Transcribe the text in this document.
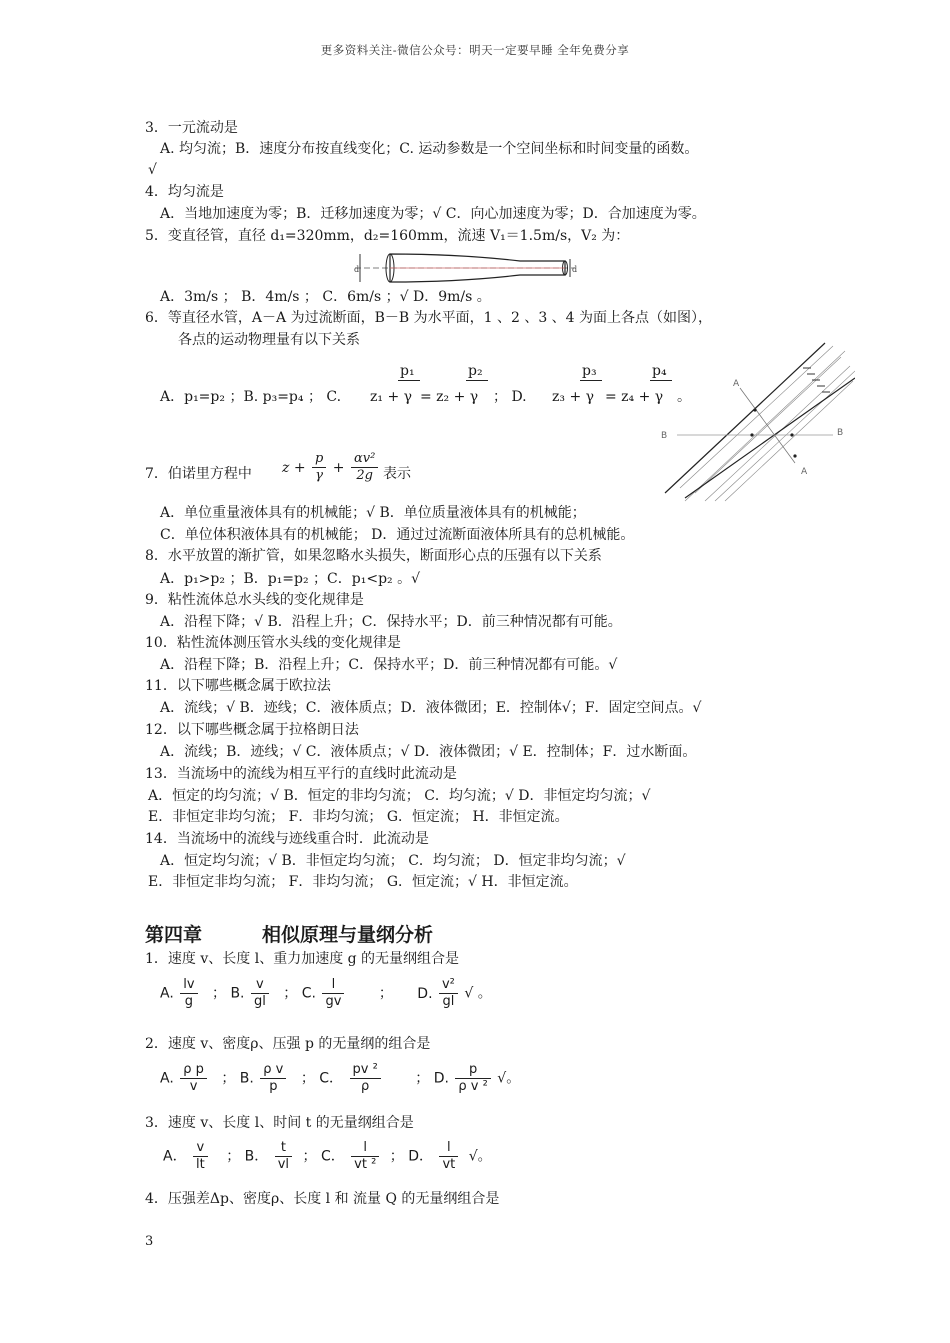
更多资料关注-微信公众号：明天一定要早睡 全年免费分享
3．一元流动是
A. 均匀流；B．速度分布按直线变化；C. 运动参数是一个空间坐标和时间变量的函数。
√
4．均匀流是
A．当地加速度为零；B．迁移加速度为零；√ C．向心加速度为零；D．合加速度为零。
5．变直径管，直径 d₁=320mm，d₂=160mm，流速 V₁＝1.5m/s，V₂ 为：
d	d
A．3m/s ； B．4m/s ； C．6m/s ；√ D．9m/s 。
6．等直径水管，A－A 为过流断面，B－B 为水平面，1 、2 、3 、4 为面上各点（如图），
各点的运动物理量有以下关系
A．p₁=p₂ ；B. p₃=p₄ ； C. z₁ + γ = z₂ + γ
p₁	p₂
； D. z₃ + γ = z₄ + γ
p₃	p₄
。
A
A
B	B
7．伯诺里方程中 $z + \frac{p}{\gamma} + \frac{\text{αv²}}{2g}$ 表示
A．单位重量液体具有的机械能；√ B．单位质量液体具有的机械能；
C．单位体积液体具有的机械能； D．通过过流断面液体所具有的总机械能。
8．水平放置的渐扩管，如果忽略水头损失，断面形心点的压强有以下关系
A．p₁>p₂ ；B．p₁=p₂ ；C．p₁<p₂ 。√
9．粘性流体总水头线的变化规律是
A．沿程下降；√ B．沿程上升；C．保持水平；D．前三种情况都有可能。
10．粘性流体测压管水头线的变化规律是
A．沿程下降；B．沿程上升；C．保持水平；D．前三种情况都有可能。√
11．以下哪些概念属于欧拉法
A．流线；√ B．迹线；C．液体质点；D．液体微团；E．控制体√；F．固定空间点。√
12．以下哪些概念属于拉格朗日法
A．流线；B．迹线；√ C．液体质点；√ D．液体微团；√ E．控制体；F．过水断面。
13．当流场中的流线为相互平行的直线时此流动是
A．恒定的均匀流；√ B．恒定的非均匀流； C．均匀流；√ D．非恒定均匀流；√
E．非恒定非均匀流； F．非均匀流； G．恒定流； H．非恒定流。
14．当流场中的流线与迹线重合时．此流动是
A．恒定均匀流；√ B．非恒定均匀流； C．均匀流； D．恒定非均匀流；√
E．非恒定非均匀流； F．非均匀流； G．恒定流；√ H．非恒定流。
第四章	相似原理与量纲分析
1．速度 v、长度 l、重力加速度 g 的无量纲组合是
A. $\frac{lv}{g}$ ； B. $\frac{v}{gl}$ ； C. $\frac{l}{gv}$ ； D. $\frac{\text{v²}}{gl}$ √ 。
2．速度 v、密度ρ、压强 p 的无量纲的组合是
A. $\frac{\text{ρ p}}{v}$ ； B. $\frac{\text{ρ v}}{p}$ ； C． $\frac{\text{pv ²}}{\rho}$ ； D. $\frac{p}{\text{ρ v ²}}$ √。
3．速度 v、长度 l、时间 t 的无量纲组合是
A． $\frac{v}{lt}$ ； B． $\frac{t}{vl}$ ； C． $\frac{l}{\text{vt ²}}$ ； D． $\frac{l}{vt}$ √。
4．压强差Δp、密度ρ、长度 l 和 流量 Q 的无量纲组合是
3
